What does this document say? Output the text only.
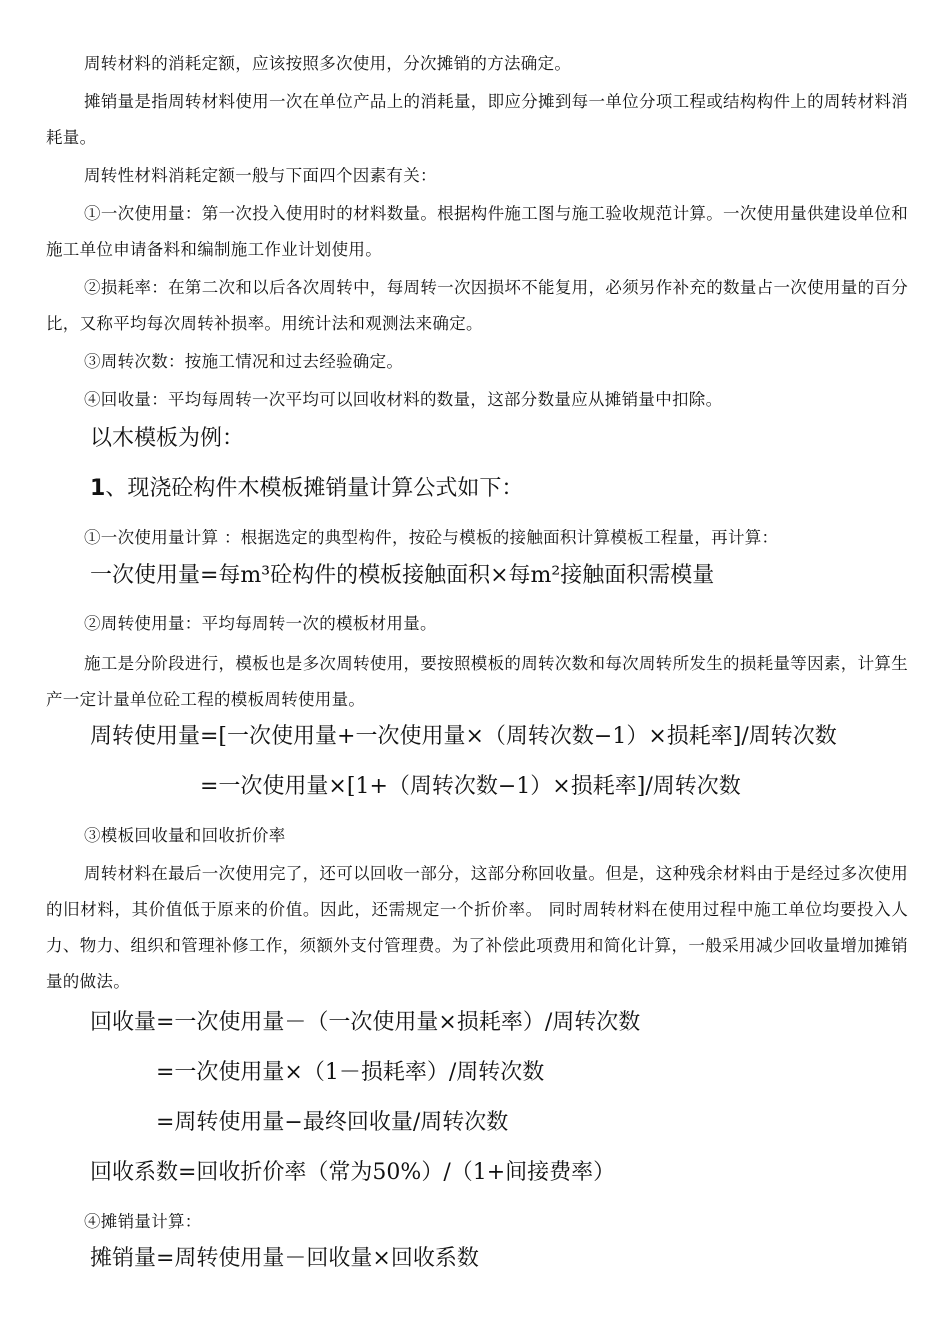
周转材料的消耗定额，应该按照多次使用，分次摊销的方法确定。

摊销量是指周转材料使用一次在单位产品上的消耗量，即应分摊到每一单位分项工程或结构构件上的周转材料消耗量。

周转性材料消耗定额一般与下面四个因素有关：

①一次使用量：第一次投入使用时的材料数量。根据构件施工图与施工验收规范计算。一次使用量供建设单位和施工单位申请备料和编制施工作业计划使用。

②损耗率：在第二次和以后各次周转中，每周转一次因损坏不能复用，必须另作补充的数量占一次使用量的百分比，又称平均每次周转补损率。用统计法和观测法来确定。

③周转次数：按施工情况和过去经验确定。

④回收量：平均每周转一次平均可以回收材料的数量，这部分数量应从摊销量中扣除。

以木模板为例：

1、现浇砼构件木模板摊销量计算公式如下：

①一次使用量计算 ：根据选定的典型构件，按砼与模板的接触面积计算模板工程量，再计算：

一次使用量=每m³砼构件的模板接触面积×每m²接触面积需模量

②周转使用量：平均每周转一次的模板材用量。

施工是分阶段进行，模板也是多次周转使用，要按照模板的周转次数和每次周转所发生的损耗量等因素，计算生产一定计量单位砼工程的模板周转使用量。

周转使用量=[一次使用量+一次使用量×（周转次数−1）×损耗率]/周转次数

=一次使用量×[1+（周转次数−1）×损耗率]/周转次数

③模板回收量和回收折价率

周转材料在最后一次使用完了，还可以回收一部分，这部分称回收量。但是，这种残余材料由于是经过多次使用的旧材料，其价值低于原来的价值。因此，还需规定一个折价率。 同时周转材料在使用过程中施工单位均要投入人力、物力、组织和管理补修工作，须额外支付管理费。为了补偿此项费用和简化计算，一般采用减少回收量增加摊销量的做法。

回收量=一次使用量－（一次使用量×损耗率）/周转次数

=一次使用量×（1－损耗率）/周转次数

=周转使用量−最终回收量/周转次数

回收系数=回收折价率（常为50%）/（1+间接费率）

④摊销量计算：

摊销量=周转使用量－回收量×回收系数
